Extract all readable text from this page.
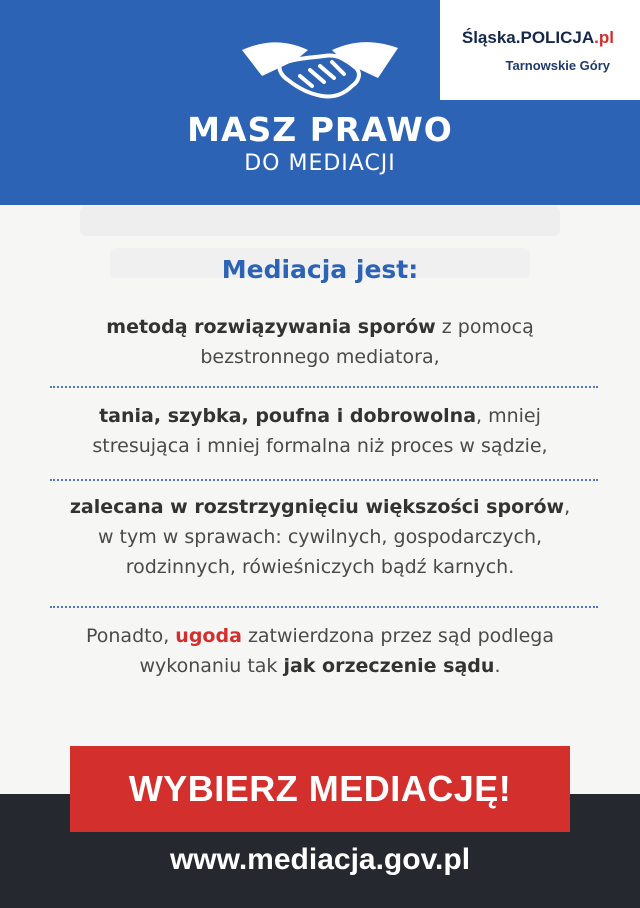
MASZ PRAWO
DO MEDIACJI
Śląska.POLICJA.pl
Tarnowskie Góry
Mediacja jest:
metodą rozwiązywania sporów z pomocą
bezstronnego mediatora,
tania, szybka, poufna i dobrowolna, mniej
stresująca i mniej formalna niż proces w sądzie,
zalecana w rozstrzygnięciu większości sporów,
w tym w sprawach: cywilnych, gospodarczych,
rodzinnych, rówieśniczych bądź karnych.
Ponadto, ugoda zatwierdzona przez sąd podlega
wykonaniu tak jak orzeczenie sądu.
WYBIERZ MEDIACJĘ!
www.mediacja.gov.pl
